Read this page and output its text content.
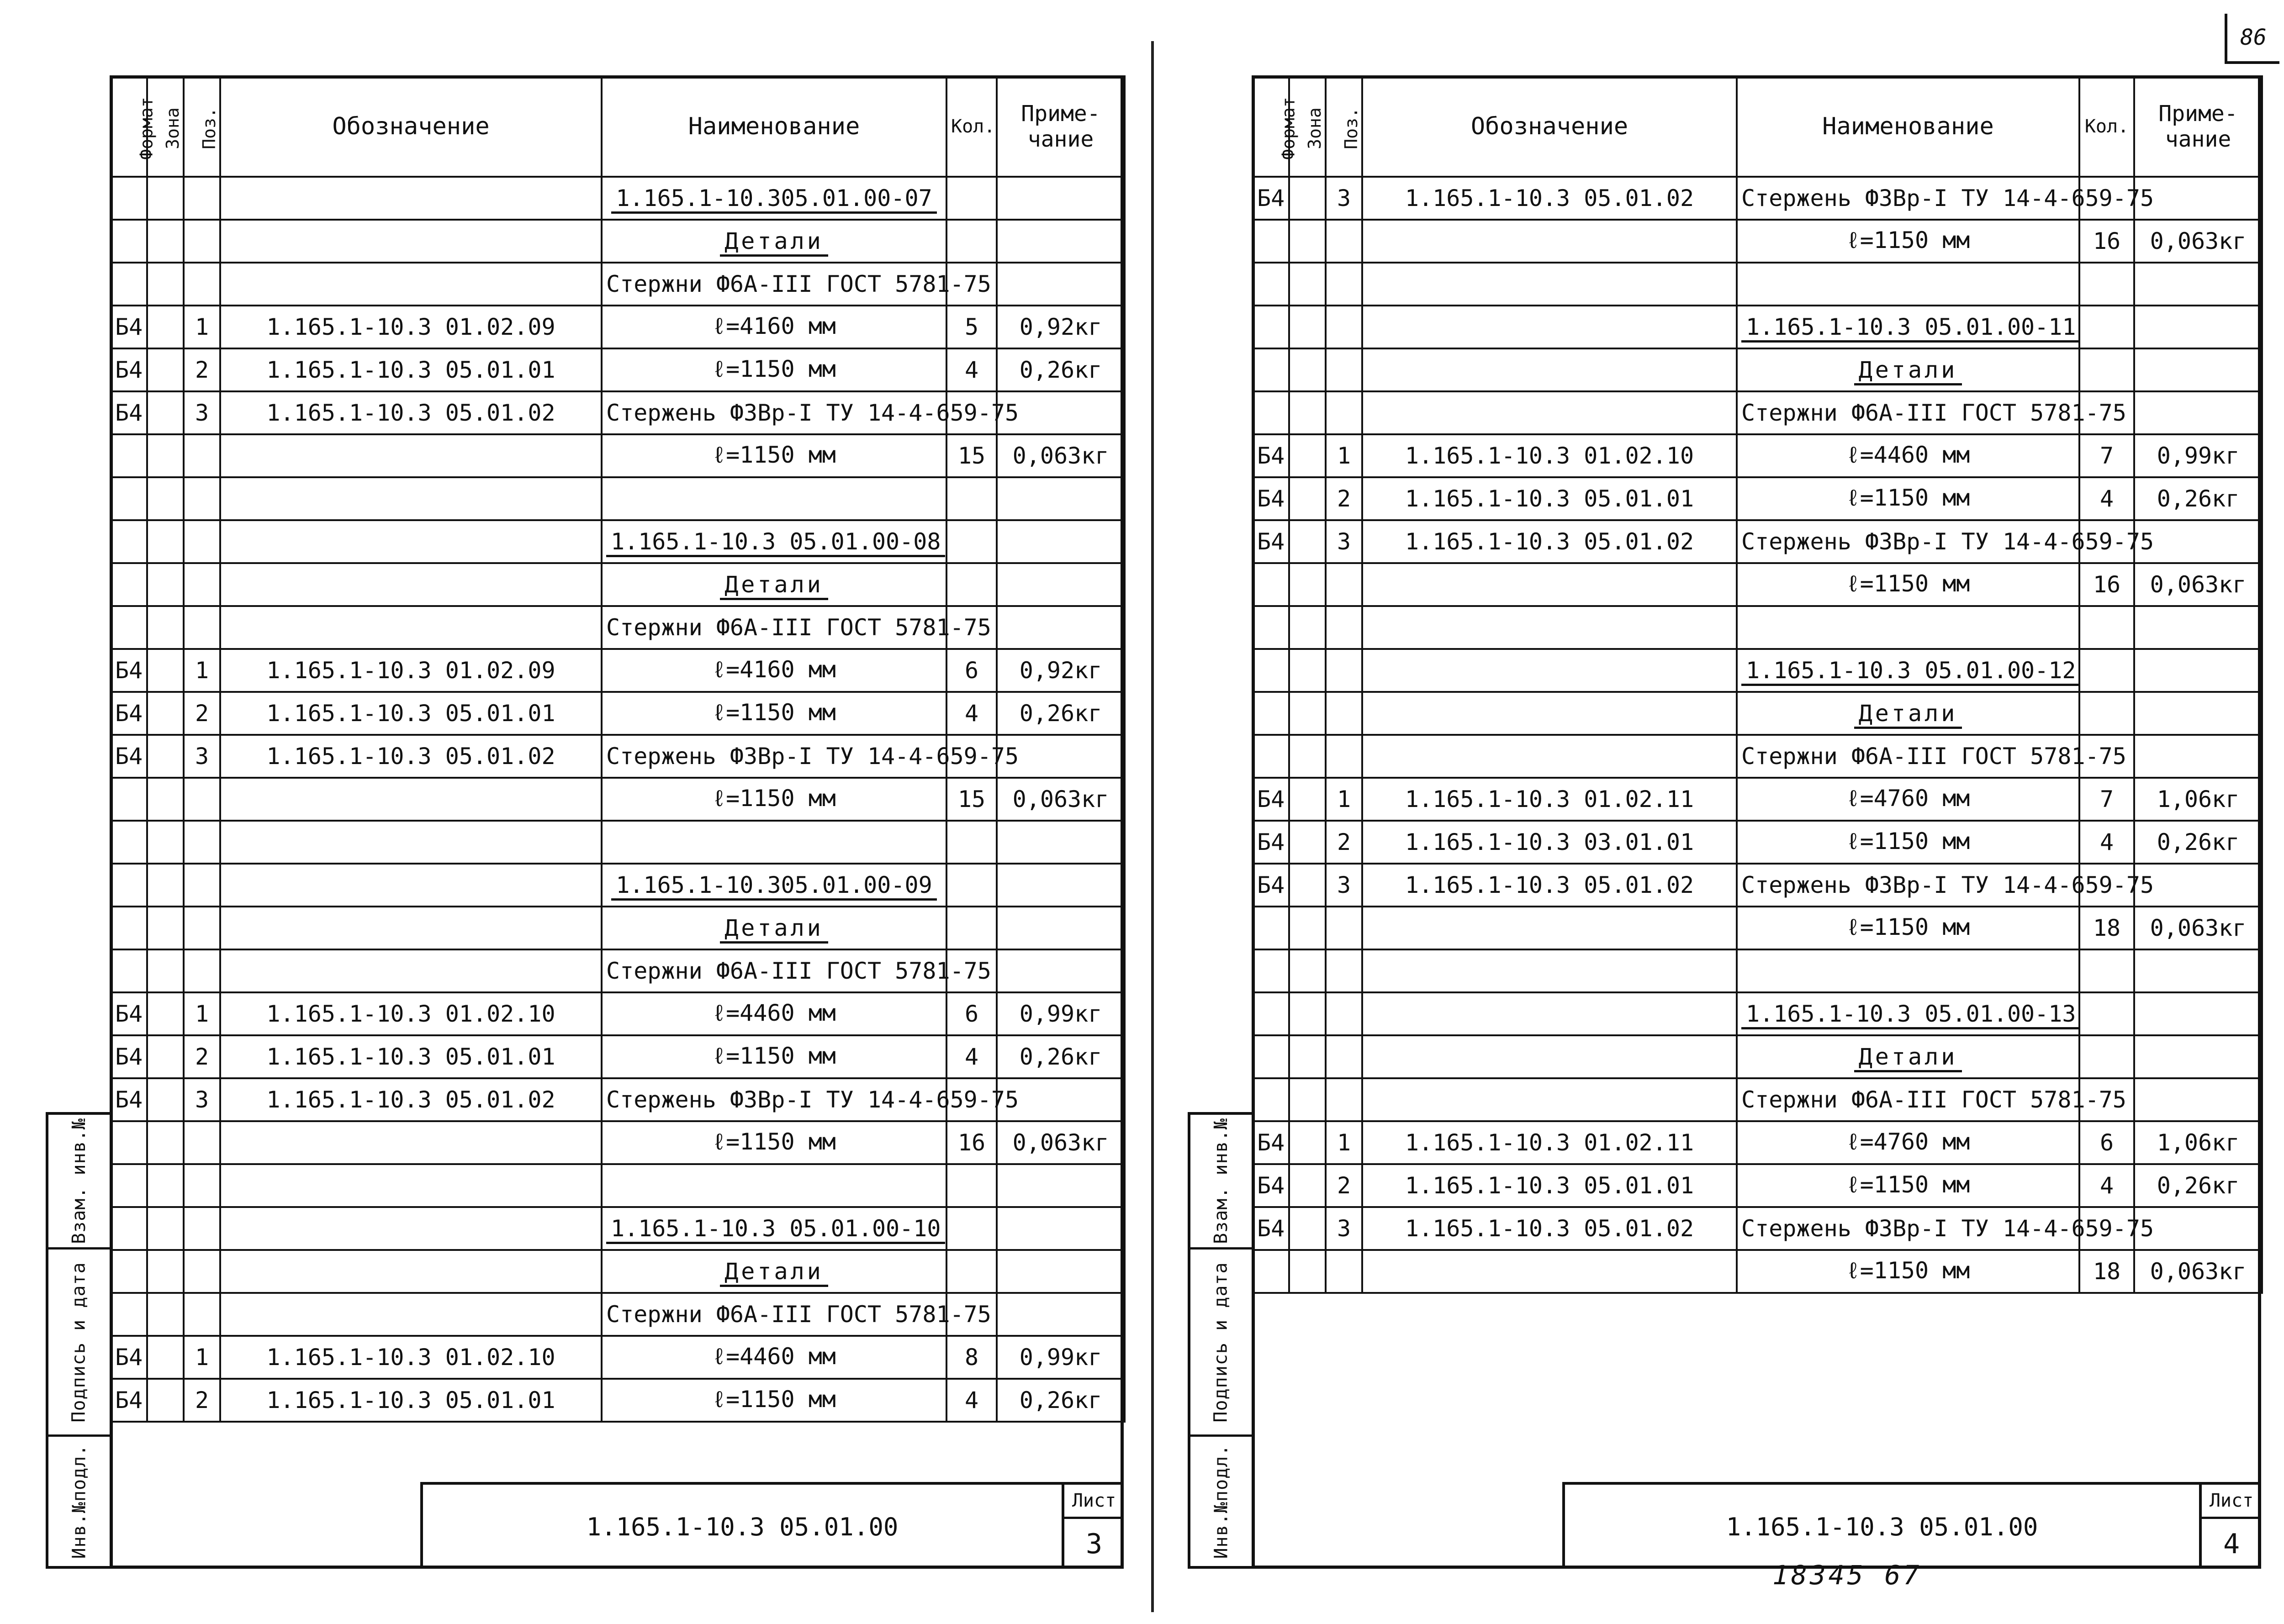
86
Взам. инв.№
Подпись и дата
Инв.№подл.
Формат	Зона	Поз.	Обозначение	Наименование	Кол.	Приме-
чание
				1.165.1-10.305.01.00-07		
				Детали		
				Стержни Ф6А-III ГОСТ 5781-75		
Б4		1	1.165.1-10.3 01.02.09	ℓ=4160 мм	5	0,92кг
Б4		2	1.165.1-10.3 05.01.01	ℓ=1150 мм	4	0,26кг
Б4		3	1.165.1-10.3 05.01.02	Стержень Ф3Вр-I ТУ 14-4-659-75		
				ℓ=1150 мм	15	0,063кг

				1.165.1-10.3 05.01.00-08		
				Детали		
				Стержни Ф6А-III ГОСТ 5781-75		
Б4		1	1.165.1-10.3 01.02.09	ℓ=4160 мм	6	0,92кг
Б4		2	1.165.1-10.3 05.01.01	ℓ=1150 мм	4	0,26кг
Б4		3	1.165.1-10.3 05.01.02	Стержень Ф3Вр-I ТУ 14-4-659-75		
				ℓ=1150 мм	15	0,063кг

				1.165.1-10.305.01.00-09		
				Детали		
				Стержни Ф6А-III ГОСТ 5781-75		
Б4		1	1.165.1-10.3 01.02.10	ℓ=4460 мм	6	0,99кг
Б4		2	1.165.1-10.3 05.01.01	ℓ=1150 мм	4	0,26кг
Б4		3	1.165.1-10.3 05.01.02	Стержень Ф3Вр-I ТУ 14-4-659-75		
				ℓ=1150 мм	16	0,063кг

				1.165.1-10.3 05.01.00-10		
				Детали		
				Стержни Ф6А-III ГОСТ 5781-75		
Б4		1	1.165.1-10.3 01.02.10	ℓ=4460 мм	8	0,99кг
Б4		2	1.165.1-10.3 05.01.01	ℓ=1150 мм	4	0,26кг
1.165.1-10.3 05.01.00
Лист
3
Взам. инв.№
Подпись и дата
Инв.№подл.
Формат	Зона	Поз.	Обозначение	Наименование	Кол.	Приме-
чание
Б4		3	1.165.1-10.3 05.01.02	Стержень Ф3Вр-I ТУ 14-4-659-75		
				ℓ=1150 мм	16	0,063кг

				1.165.1-10.3 05.01.00-11		
				Детали		
				Стержни Ф6А-III ГОСТ 5781-75		
Б4		1	1.165.1-10.3 01.02.10	ℓ=4460 мм	7	0,99кг
Б4		2	1.165.1-10.3 05.01.01	ℓ=1150 мм	4	0,26кг
Б4		3	1.165.1-10.3 05.01.02	Стержень Ф3Вр-I ТУ 14-4-659-75		
				ℓ=1150 мм	16	0,063кг

				1.165.1-10.3 05.01.00-12		
				Детали		
				Стержни Ф6А-III ГОСТ 5781-75		
Б4		1	1.165.1-10.3 01.02.11	ℓ=4760 мм	7	1,06кг
Б4		2	1.165.1-10.3 03.01.01	ℓ=1150 мм	4	0,26кг
Б4		3	1.165.1-10.3 05.01.02	Стержень Ф3Вр-I ТУ 14-4-659-75		
				ℓ=1150 мм	18	0,063кг

				1.165.1-10.3 05.01.00-13		
				Детали		
				Стержни Ф6А-III ГОСТ 5781-75		
Б4		1	1.165.1-10.3 01.02.11	ℓ=4760 мм	6	1,06кг
Б4		2	1.165.1-10.3 05.01.01	ℓ=1150 мм	4	0,26кг
Б4		3	1.165.1-10.3 05.01.02	Стержень Ф3Вр-I ТУ 14-4-659-75		
				ℓ=1150 мм	18	0,063кг
1.165.1-10.3 05.01.00
Лист
4
18345 67
